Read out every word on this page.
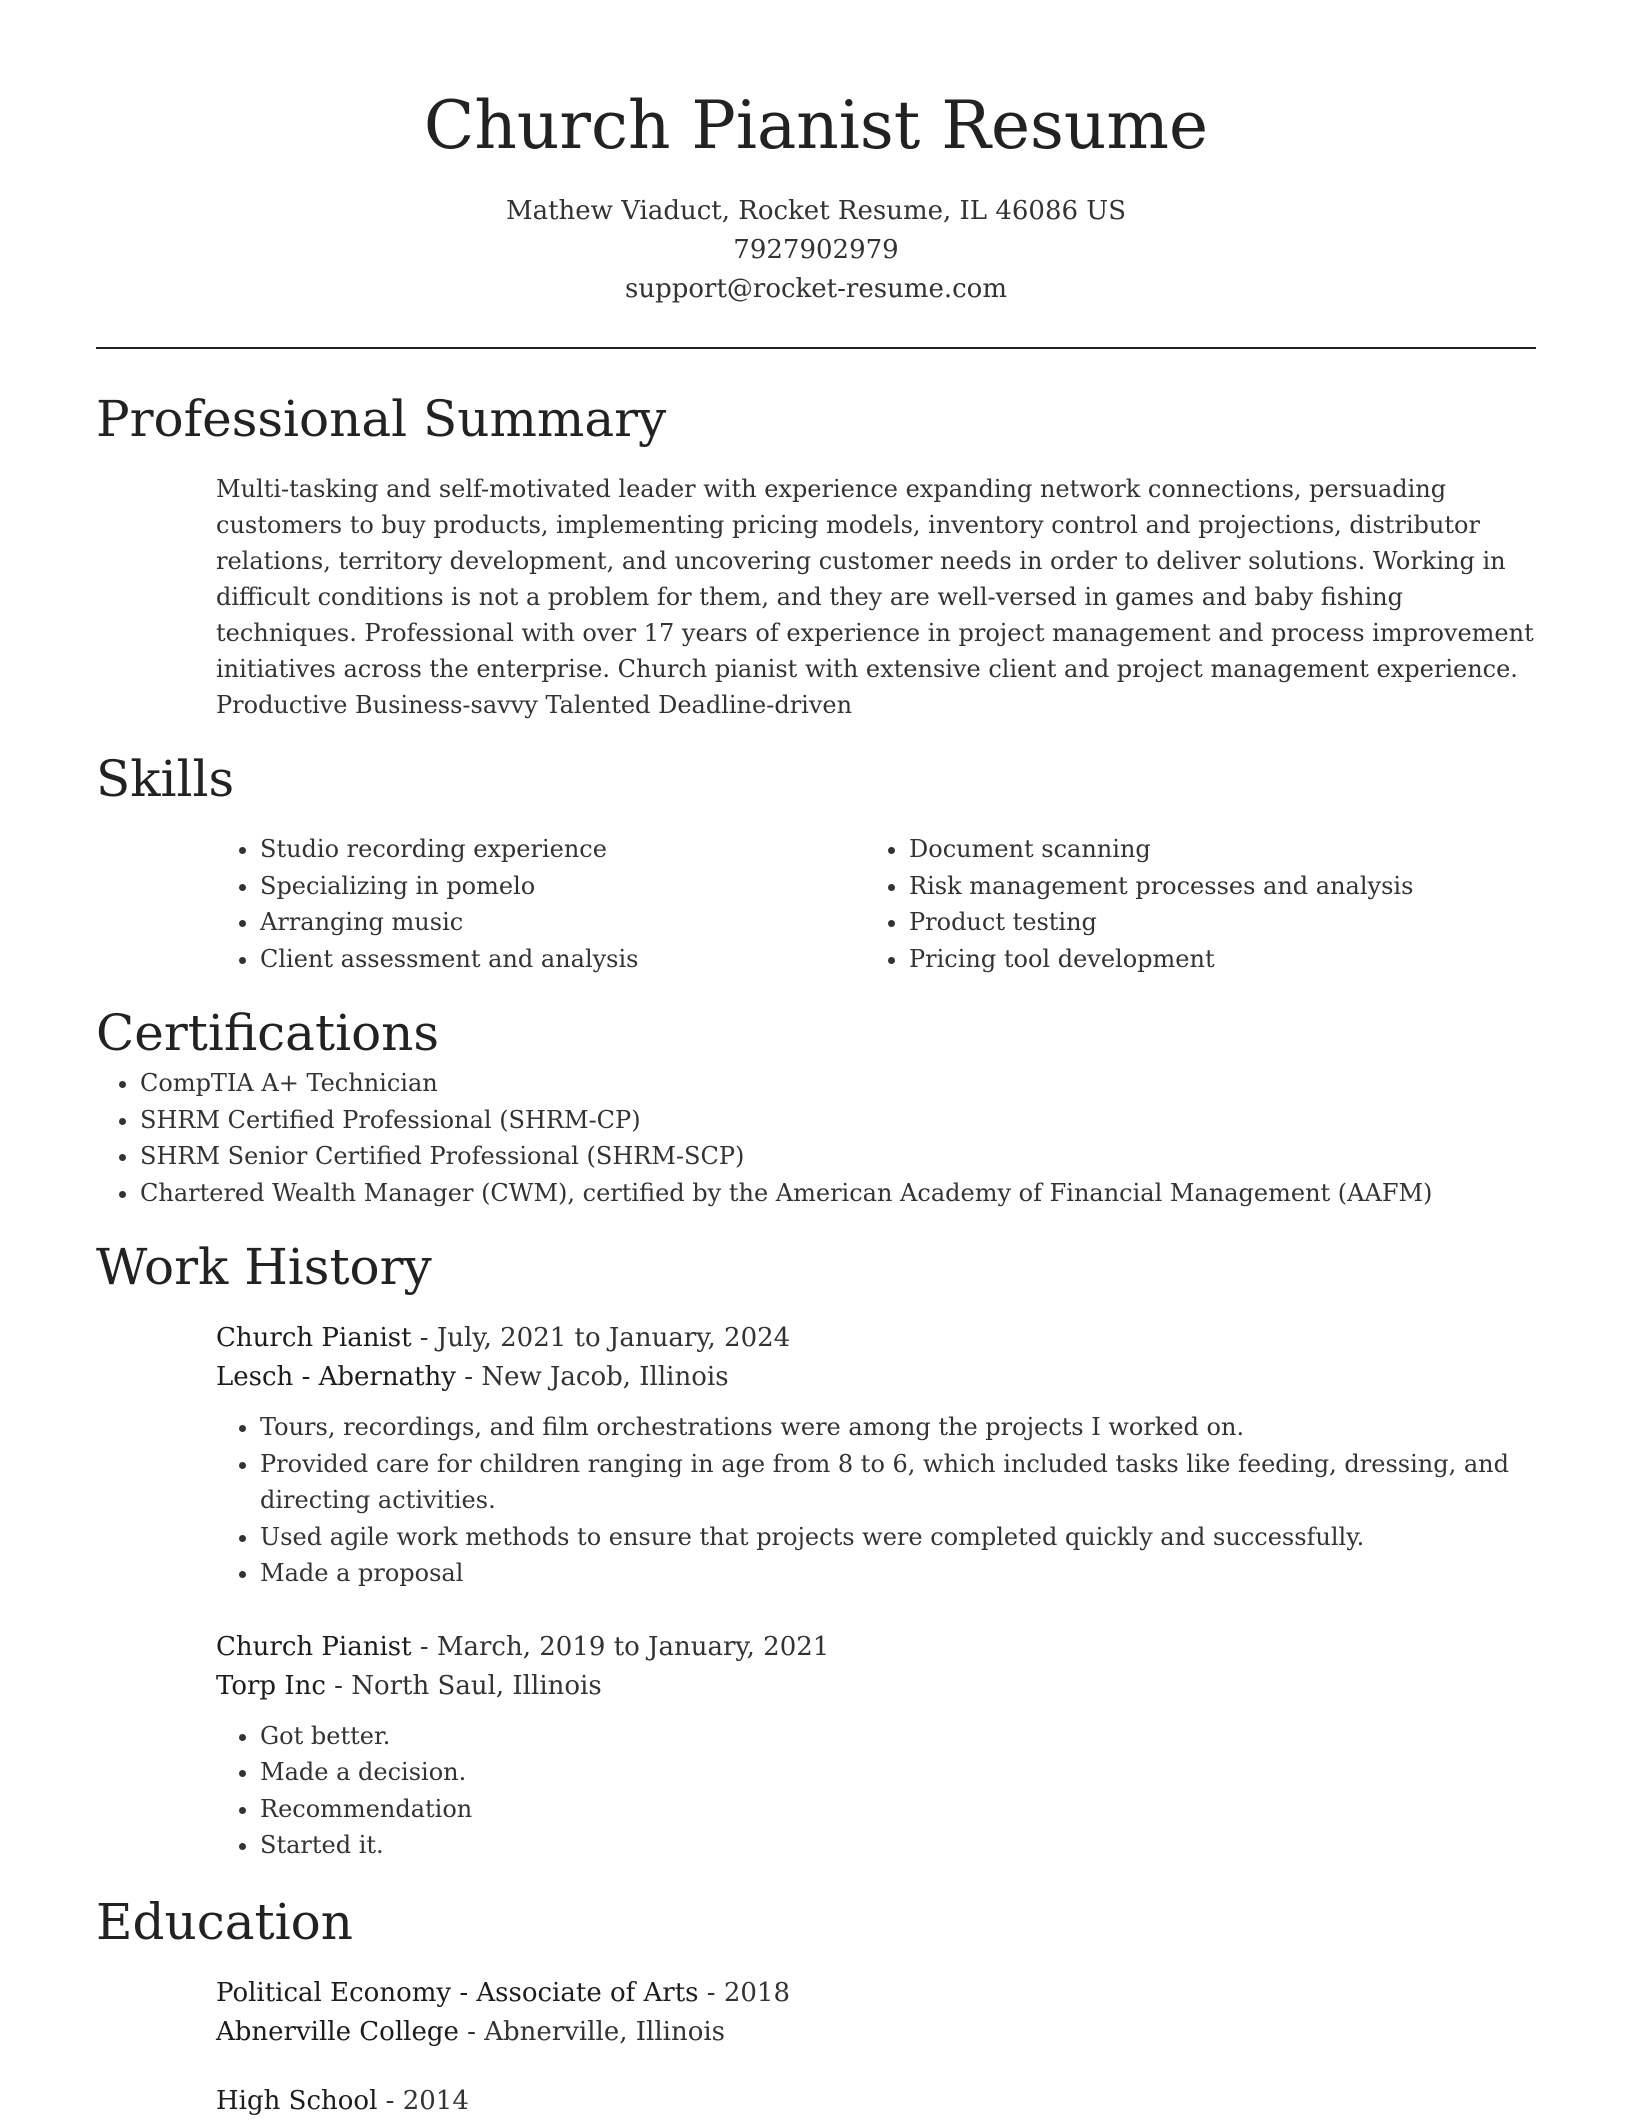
Church Pianist Resume
Mathew Viaduct, Rocket Resume, IL 46086 US
7927902979
support@rocket-resume.com
Professional Summary

Multi-tasking and self-motivated leader with experience expanding network connections, persuading customers to buy products, implementing pricing models, inventory control and projections, distributor relations, territory development, and uncovering customer needs in order to deliver solutions. Working in difficult conditions is not a problem for them, and they are well-versed in games and baby fishing techniques. Professional with over 17 years of experience in project management and process improvement initiatives across the enterprise. Church pianist with extensive client and project management experience. Productive Business-savvy Talented Deadline-driven

Skills
• Studio recording experience
• Specializing in pomelo
• Arranging music
• Client assessment and analysis
• Document scanning
• Risk management processes and analysis
• Product testing
• Pricing tool development
Certifications
• CompTIA A+ Technician
• SHRM Certified Professional (SHRM-CP)
• SHRM Senior Certified Professional (SHRM-SCP)
• Chartered Wealth Manager (CWM), certified by the American Academy of Financial Management (AAFM)
Work History
Church Pianist - July, 2021 to January, 2024
Lesch - Abernathy - New Jacob, Illinois
• Tours, recordings, and film orchestrations were among the projects I worked on.
• Provided care for children ranging in age from 8 to 6, which included tasks like feeding, dressing, and directing activities.
• Used agile work methods to ensure that projects were completed quickly and successfully.
• Made a proposal
Church Pianist - March, 2019 to January, 2021
Torp Inc - North Saul, Illinois
• Got better.
• Made a decision.
• Recommendation
• Started it.
Education
Political Economy - Associate of Arts - 2018
Abnerville College - Abnerville, Illinois
High School - 2014
